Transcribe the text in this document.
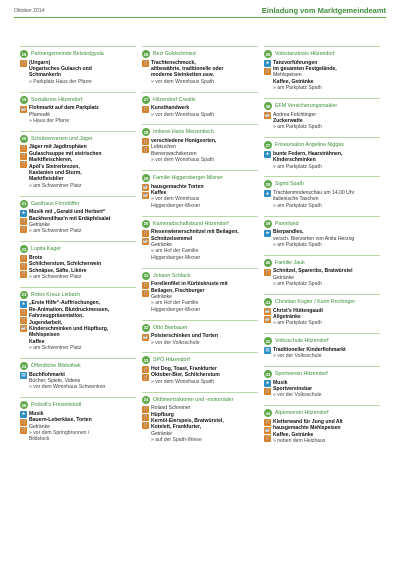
Oktober 2014	Einladung vom Marktgemeindeamt
18 Partnergemeinde Belvárdgyula
🍴 (Ungarn)
Ungarisches Gulasch und
Schmankerln
» Parkplatz Haus der Pfarre
19 Sozialkreis Hitzendorf
☕ Flohmarkt auf dem Parkplatz
Pfarreafé
» Haus der Pfarre
20 Schützenverein und Jäger
🍴
🍴
🍴
Jäger mit Jagdtrophäen
Gulaschsuppe mit steirischen
Marktfleischleren,
Apól's Steirerbrezen,
Kastanien und Sturm,
Marktfleisblier
» am Schwentner Platz
21 Gasthaus Förndöffer
★
🍴
🍴
Musik mit „Gerald und Herbert“
Backhendlhax'n mit Erdäpfelsalat
Getränke
» am Schwentner Platz
22 Lupita Kager
🍴
🍴
🍴
Brote
Schilcherstum, Schilcherwein
Schnäpse, Säfte, Liköre
» am Schwentner Platz
23 Rotes Kreuz Liebach
★
🍴
🍴
☕
„Erste Hilfe“-Auffrischungen,
Re-Animation, Blutdruckmessen,
Fahrzeugpräsentation,
Jugendarbeit,
Kinderschminken und Hüpfburg,
Mehlspeisen
Kaffee
» am Schwentner Platz
24 Öffentliche Bibliothek
▤ Buchflohmarkt
Bücher, Spiele, Videos
» vor dem Wonnhaus Schwentner
25 Probstl's Freizeitstodl
★
🍴
🍴
Musik
Bauern-Leberkäse, Torten
Getränke
» vor dem Springbrunnen /
Bildstock
26 Bezi Goldschmied
🍴 Trachtenschmuck,
altbewährte, traditionelle oder
moderne Steinketten usw.
» vor dem Wonnhaus Spath
27 Hitzendorf Creativ
🍴 Kunsthandwerk
» vor dem Wonnhaus Spath
28 Imkerei Hans Meizentisch
🍴
🍴
verschiedene Honigsorten,
Lebkuchen
Bienenwachskerzen
» vor dem Wonnhaus Spath
29 Familie Higgersberger-Mixner
☕
☕
hausgemachte Torten
Kaffee
» vor dem Wonnhaus
Higgersberger-Mixner
30 Kameradschaftsbund Hitzendorf
🍴
☕
Riesenwienerschnitzel mit Beilagen,
Schnitzelsemmel
Getränke
» am Hof der Familie
Higgersberger-Mixner
31 Johann Schlack
🍴
🍴
Forellenfilet in Kürbiskruste mit
Beilagen, Fischburger
Getränke
» am Hof der Familie
Higgersberger-Mixner
32 Otto Bierbauer
☕ Polsterschinken und Torten
» vor der Volksschule
33 SPÖ Hitzendorf
🍴
🍴
Hot Dog, Toast, Frankfurter
Oktober-Bier, Schilcherstum
» vor dem Wonnhaus Spath
34 Oldtimertraktoren und -motorräder
🍴
🍴
🍴
Roland Schreiner
Hüpfburg
Kernöl-Eierspeis, Bratwürstel,
Kotelett, Frankfurter,
Getränke
» auf der Spath-Wiese
35 Volkstanzkreis Hitzendorf
★
🍴
Tanzvorführungen
im gesamten Festgelände,
Mehlspeisen
Kaffee, Getränke
» am Parkplatz Spath
36 EFM Versicherungsmakler
☕ Andrea Felchtinger
Zuckerwatte
» am Parkplatz Spath
37 Friseursalon Angelina Niggas
★ bunte Federn, Haarsträhnen,
Kinderschminken
» am Parkplatz Spath
38 Sigrid Spath
★ Trachtenmodenschau um 14.00 Uhr
italienische Taschen
» am Parkplatz Spath
39 Panniland
★ Bierpandles,
versch. Biersorten von Anita Herzog
» am Parkplatz Spath
40 Familie Jauk
🍴 Schnitzel, Spareribs, Bratwürstel
Getränke
» am Parkplatz Spath
41 Christian Kogler / Karin Rechinger
☕
☕
Christ's Hüttengaudi
Allgetränke
» am Parkplatz Spath
42 Volksschule Hitzendorf
▤ Traditioneller Kinderflohmarkt
» vor der Volksschule
43 Sportverein Hitzendorf
★
🍴
Musik
Sportvereinsbar
» vor der Volksschule
44 Alpenverein Hitzendorf
🍴
☕
🍴
Kletterwand für Jung und Alt
hausgemachte Mehlspeisen
Kaffee, Getränke
» neben dem Heizhaus
